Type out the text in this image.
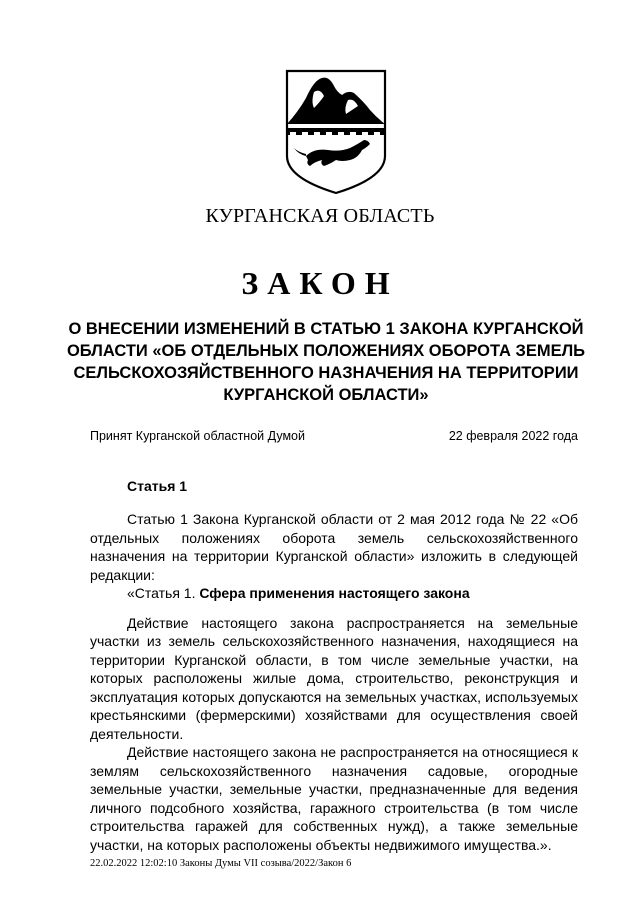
КУРГАНСКАЯ ОБЛАСТЬ
ЗАКОН
О ВНЕСЕНИИ ИЗМЕНЕНИЙ В СТАТЬЮ 1 ЗАКОНА КУРГАНСКОЙ ОБЛАСТИ «ОБ ОТДЕЛЬНЫХ ПОЛОЖЕНИЯХ ОБОРОТА ЗЕМЕЛЬ СЕЛЬСКОХОЗЯЙСТВЕННОГО НАЗНАЧЕНИЯ НА ТЕРРИТОРИИ КУРГАНСКОЙ ОБЛАСТИ»
Принят Курганской областной Думой	22 февраля 2022 года
Статья 1

Статью 1 Закона Курганской области от 2 мая 2012 года № 22 «Об отдельных положениях оборота земель сельскохозяйственного назначения на территории Курганской области» изложить в следующей редакции:

«Статья 1. Сфера применения настоящего закона

Действие настоящего закона распространяется на земельные участки из земель сельскохозяйственного назначения, находящиеся на территории Курганской области, в том числе земельные участки, на которых расположены жилые дома, строительство, реконструкция и эксплуатация которых допускаются на земельных участках, используемых крестьянскими (фермерскими) хозяйствами для осуществления своей деятельности.

Действие настоящего закона не распространяется на относящиеся к землям сельскохозяйственного назначения садовые, огородные земельные участки, земельные участки, предназначенные для ведения личного подсобного хозяйства, гаражного строительства (в том числе строительства гаражей для собственных нужд), а также земельные участки, на которых расположены объекты недвижимого имущества.».

22.02.2022 12:02:10 Законы Думы VII созыва/2022/Закон 6
